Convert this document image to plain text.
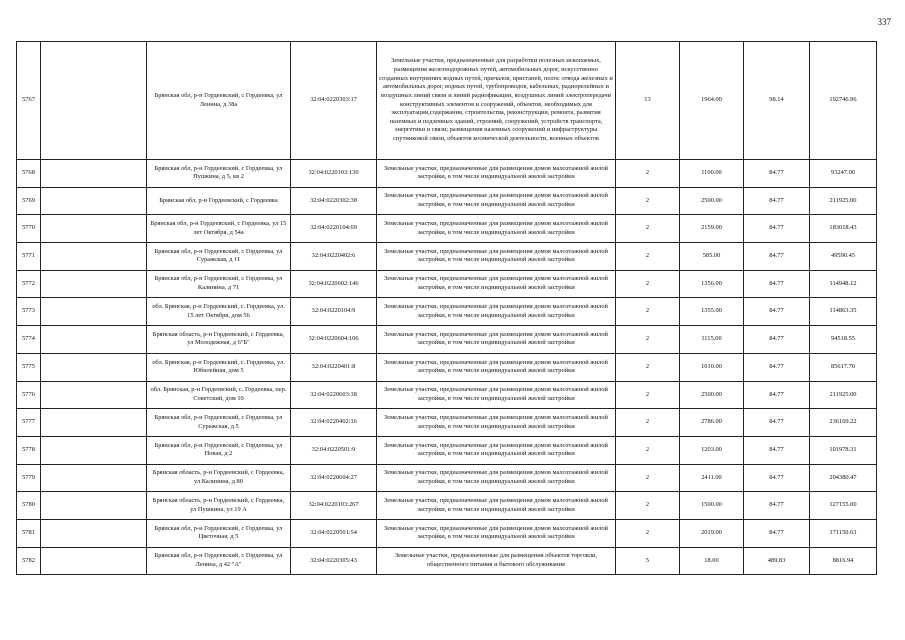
337
5767		Брянская обл, р-н Гордеевский, с Гордеевка, ул Ленина, д 38а	32:04:0220303:17	Земельные участки, предназначенные для разработки полезных ископаемых, размещения железнодорожных путей, автомобильных дорог, искусственно созданных внутренних водных путей, причалов, пристаней, полос отвода железных и автомобильных дорог, водных путей, трубопроводов, кабельных, радиорелейных и воздушных линий связи и линий радиофикации, воздушных линий электропередачи конструктивных элементов и сооружений, объектов, необходимых для эксплуатации,содержания, строительства, реконструкции, ремонта, развития наземных и подземных зданий, строений, сооружений, устройств транспорта, энергетики и связи; размещения наземных сооружений и инфраструктуры спутниковой связи, объектов космической деятельности, военных объектов	13	1964.00	98.14	192746.96
5768		Брянская обл, р-н Гордеевский, с Гордеевка, ул Пушкина, д 5, кв 2	32:04:0220103:130	Земельные участки, предназначенные для размещения домов малоэтажной жилой застройки, в том числе индивидуальной жилой застройки	2	1100.00	84.77	93247.00
5769		Брянская обл, р-н Гордеевский, с Гордеевка	32:04:0220302:38	Земельные участки, предназначенные для размещения домов малоэтажной жилой застройки, в том числе индивидуальной жилой застройки	2	2500.00	84.77	211925.00
5770		Брянская обл, р-н Гордеевский, с Гордеевка, ул 15 лет Октября, д 54а	32:04:0220104:69	Земельные участки, предназначенные для размещения домов малоэтажной жилой застройки, в том числе индивидуальной жилой застройки	2	2159.00	84.77	183018.43
5771		Брянская обл, р-н Гордеевский, с Гордеевка, ул Суражская, д 11	32:04:0220402:6	Земельные участки, предназначенные для размещения домов малоэтажной жилой застройки, в том числе индивидуальной жилой застройки	2	585.00	84.77	49590.45
5772		Брянская обл, р-н Гордеевский, с Гордеевка, ул Калинина, д 71	32:04:0220602:146	Земельные участки, предназначенные для размещения домов малоэтажной жилой застройки, в том числе индивидуальной жилой застройки	2	1356.00	84.77	114948.12
5773		обл. Брянская, р-н Гордеевский, с. Гордеевка, ул. 15 лет Октября, дом 56	32:04:0220104:9	Земельные участки, предназначенные для размещения домов малоэтажной жилой застройки, в том числе индивидуальной жилой застройки	2	1355.00	84.77	114863.35
5774		Брянская область, р-н Гордеевский, с Гордеевка, ул Молодежная, д 6"Б"	32:04:0220604:106	Земельные участки, предназначенные для размещения домов малоэтажной жилой застройки, в том числе индивидуальной жилой застройки	2	1115.00	84.77	94518.55
5775		обл. Брянская, р-н Гордеевский, с. Гордеевка, ул. Юбилейная, дом 5	32:04:0220401:8	Земельные участки, предназначенные для размещения домов малоэтажной жилой застройки, в том числе индивидуальной жилой застройки	2	1010.00	84.77	85617.70
5776		обл. Брянская, р-н Гордеевский, с. Гордеевка, пер. Советский, дом 10	32:04:0220603:38	Земельные участки, предназначенные для размещения домов малоэтажной жилой застройки, в том числе индивидуальной жилой застройки	2	2500.00	84.77	211925.00
5777		Брянская обл, р-н Гордеевский, с Гордеевка, ул Суражская, д 5	32:04:0220402:16	Земельные участки, предназначенные для размещения домов малоэтажной жилой застройки, в том числе индивидуальной жилой застройки	2	2786.00	84.77	236169.22
5778		Брянская обл, р-н Гордеевский, с Гордеевка, ул Новая, д 2	32:04:0220501:9	Земельные участки, предназначенные для размещения домов малоэтажной жилой застройки, в том числе индивидуальной жилой застройки	2	1203.00	84.77	101978.31
5779		Брянская область, р-н Гордеевский, с Гордеевка, ул Калинина, д 80	32:04:0220604:27	Земельные участки, предназначенные для размещения домов малоэтажной жилой застройки, в том числе индивидуальной жилой застройки	2	2411.00	84.77	204380.47
5780		Брянская область, р-н Гордеевский, с Гордеевка, ул Пушкина, ул 19 А	32:04:0220103:267	Земельные участки, предназначенные для размещения домов малоэтажной жилой застройки, в том числе индивидуальной жилой застройки	2	1500.00	84.77	127155.00
5781		Брянская обл, р-н Гордеевский, с Гордеевка, ул Цветочная, д 5	32:04:0220501:54	Земельные участки, предназначенные для размещения домов малоэтажной жилой застройки, в том числе индивидуальной жилой застройки	2	2019.00	84.77	171150.63
5782		Брянская обл, р-н Гордеевский, с Гордеевка, ул Ленина, д 42 "А"	32:04:0220305:43	Земельные участки, предназначенные для размещения объектов торговли, общественного питания и бытового обслуживания	5	18.00	489.83	8816.94
